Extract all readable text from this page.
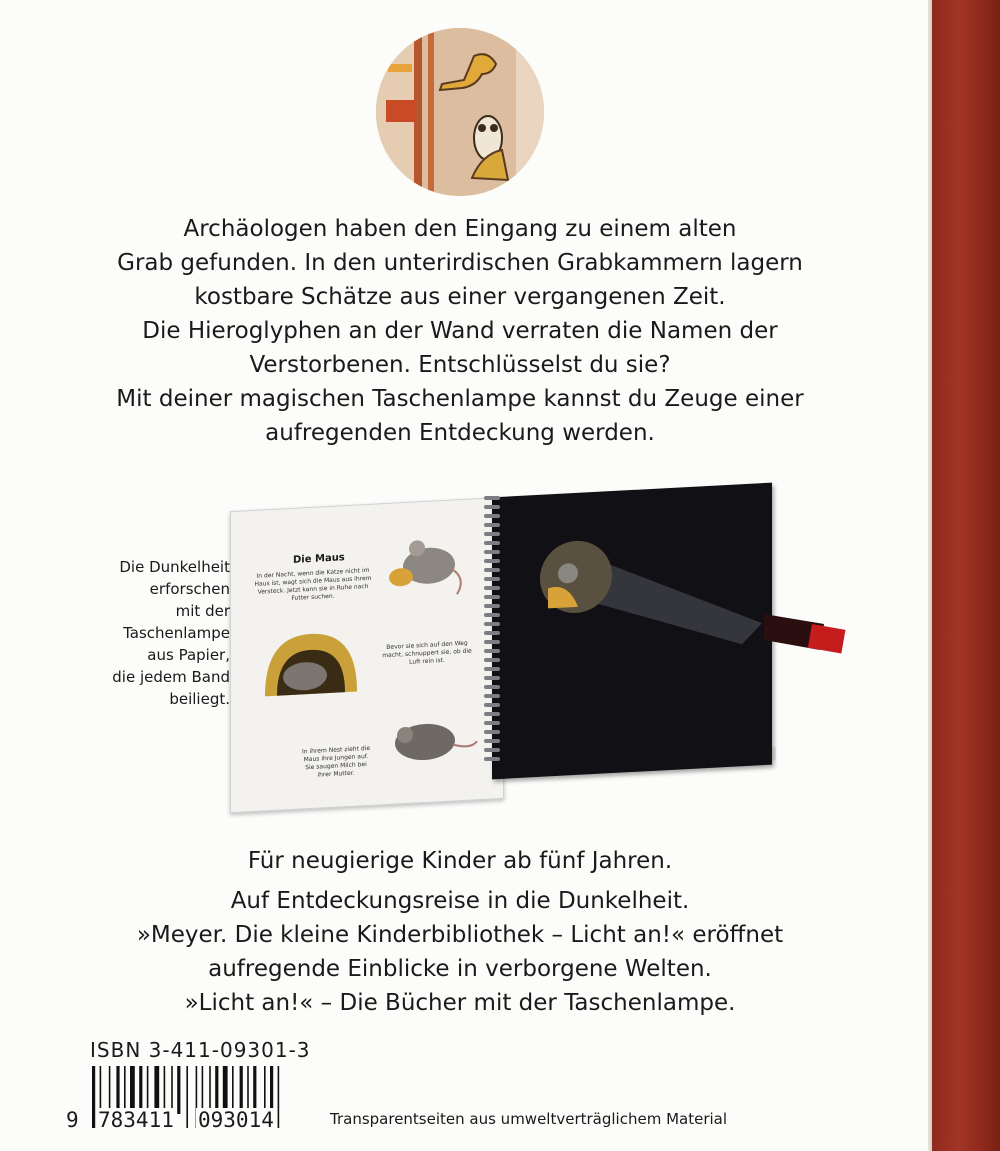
Archäologen haben den Eingang zu einem alten

Grab gefunden. In den unterirdischen Grabkammern lagern

kostbare Schätze aus einer vergangenen Zeit.

Die Hieroglyphen an der Wand verraten die Namen der

Verstorbenen. Entschlüsselst du sie?

Mit deiner magischen Taschenlampe kannst du Zeuge einer

aufregenden Entdeckung werden.

Die Dunkelheit

erforschen

mit der

Taschenlampe

aus Papier,

die jedem Band

beiliegt.

Die Maus
In der Nacht, wenn die Katze nicht im Haus ist, wagt sich die Maus aus ihrem Versteck. Jetzt kann sie in Ruhe nach Futter suchen.
Bevor sie sich auf den Weg macht, schnuppert sie, ob die Luft rein ist.
In ihrem Nest zieht die Maus ihre Jungen auf. Sie saugen Milch bei ihrer Mutter.

Für neugierige Kinder ab fünf Jahren.

Auf Entdeckungsreise in die Dunkelheit.

»Meyer. Die kleine Kinderbibliothek – Licht an!« eröffnet

aufregende Einblicke in verborgene Welten.

»Licht an!« – Die Bücher mit der Taschenlampe.

ISBN 3-411-09301-3
9 783411 093014	Transparentseiten aus umweltverträglichem Material
